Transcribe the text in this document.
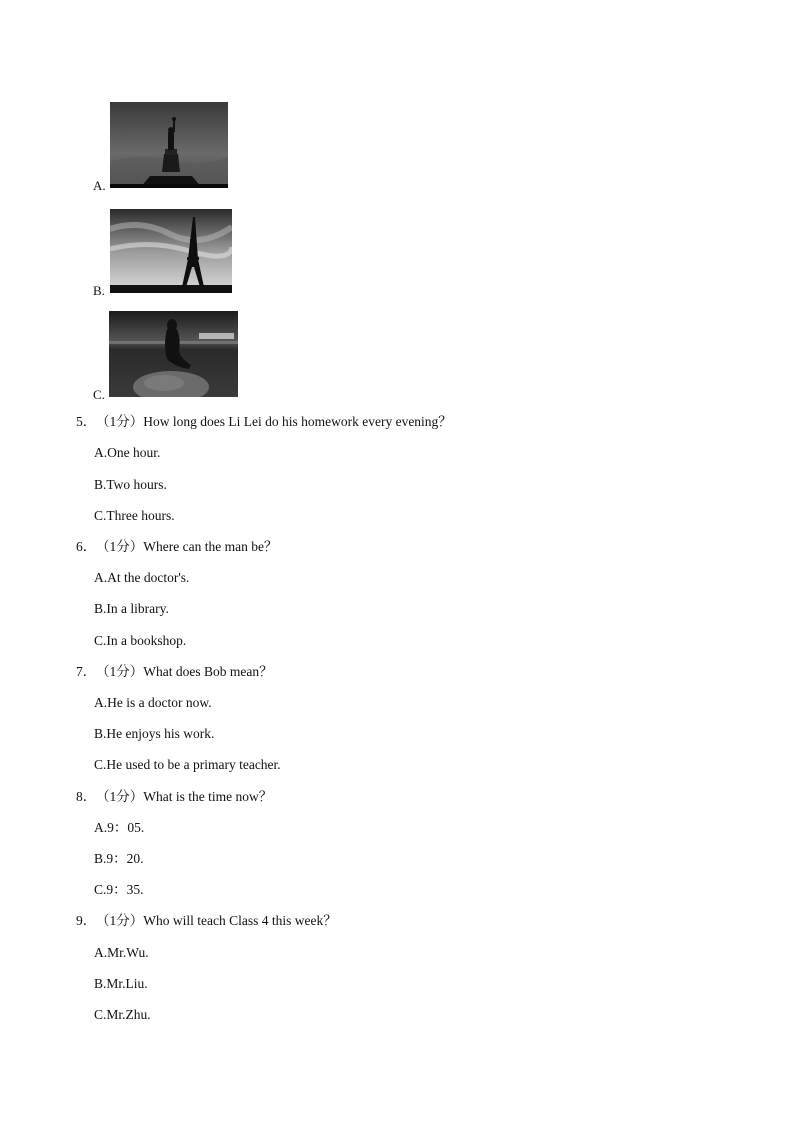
A.
B.
C.
5．（1分）How long does Li Lei do his homework every evening？
A.One hour.
B.Two hours.
C.Three hours.
6．（1分）Where can the man be？
A.At the doctor's.
B.In a library.
C.In a bookshop.
7．（1分）What does Bob mean？
A.He is a doctor now.
B.He enjoys his work.
C.He used to be a primary teacher.
8．（1分）What is the time now？
A.9：05.
B.9：20.
C.9：35.
9．（1分）Who will teach Class 4 this week？
A.Mr.Wu.
B.Mr.Liu.
C.Mr.Zhu.
